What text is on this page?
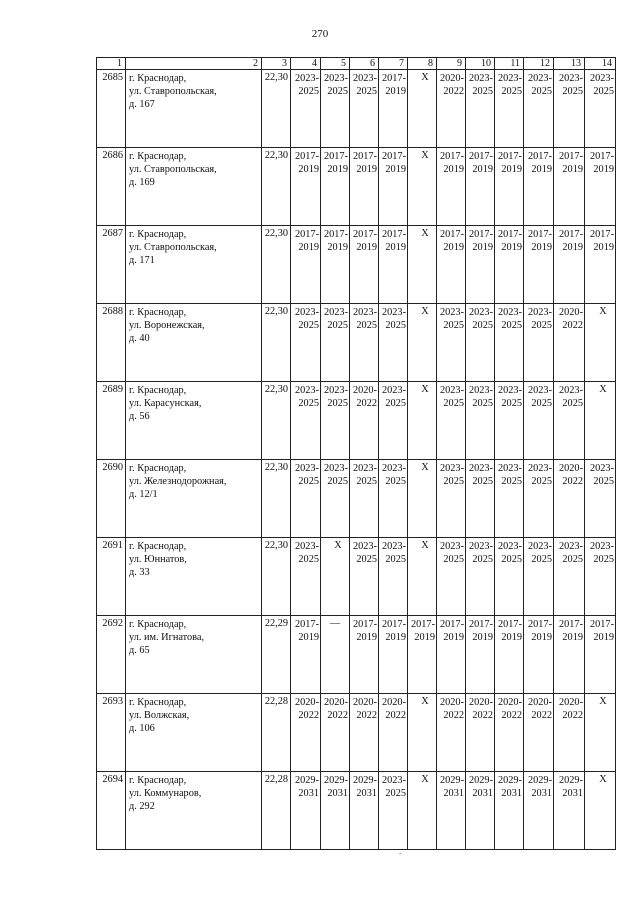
270
1	2	3	4	5	6	7	8	9	10	11	12	13	14
2685	г. Краснодар,
ул. Ставропольская,
д. 167	22,30	2023-
2025	2023-
2025	2023-
2025	2017-
2019	X	2020-
2022	2023-
2025	2023-
2025	2023-
2025	2023-
2025	2023-
2025

2686	г. Краснодар,
ул. Ставропольская,
д. 169	22,30	2017-
2019	2017-
2019	2017-
2019	2017-
2019	X	2017-
2019	2017-
2019	2017-
2019	2017-
2019	2017-
2019	2017-
2019

2687	г. Краснодар,
ул. Ставропольская,
д. 171	22,30	2017-
2019	2017-
2019	2017-
2019	2017-
2019	X	2017-
2019	2017-
2019	2017-
2019	2017-
2019	2017-
2019	2017-
2019

2688	г. Краснодар,
ул. Воронежская,
д. 40	22,30	2023-
2025	2023-
2025	2023-
2025	2023-
2025	X	2023-
2025	2023-
2025	2023-
2025	2023-
2025	2020-
2022	X
2689	г. Краснодар,
ул. Карасунская,
д. 56	22,30	2023-
2025	2023-
2025	2020-
2022	2023-
2025	X	2023-
2025	2023-
2025	2023-
2025	2023-
2025	2023-
2025	X
2690	г. Краснодар,
ул. Железнодорожная,
д. 12/1	22,30	2023-
2025	2023-
2025	2023-
2025	2023-
2025	X	2023-
2025	2023-
2025	2023-
2025	2023-
2025	2020-
2022	2023-
2025

2691	г. Краснодар,
ул. Юннатов,
д. 33	22,30	2023-
2025	X	2023-
2025	2023-
2025	X	2023-
2025	2023-
2025	2023-
2025	2023-
2025	2023-
2025	2023-
2025

2692	г. Краснодар,
ул. им. Игнатова,
д. 65	22,29	2017-
2019	—	2017-
2019	2017-
2019	2017-
2019	2017-
2019	2017-
2019	2017-
2019	2017-
2019	2017-
2019	2017-
2019

2693	г. Краснодар,
ул. Волжская,
д. 106	22,28	2020-
2022	2020-
2022	2020-
2022	2020-
2022	X	2020-
2022	2020-
2022	2020-
2022	2020-
2022	2020-
2022	X
2694	г. Краснодар,
ул. Коммунаров,
д. 292	22,28	2029-
2031	2029-
2031	2029-
2031	2023-
2025	X	2029-
2031	2029-
2031	2029-
2031	2029-
2031	2029-
2031	X
-
